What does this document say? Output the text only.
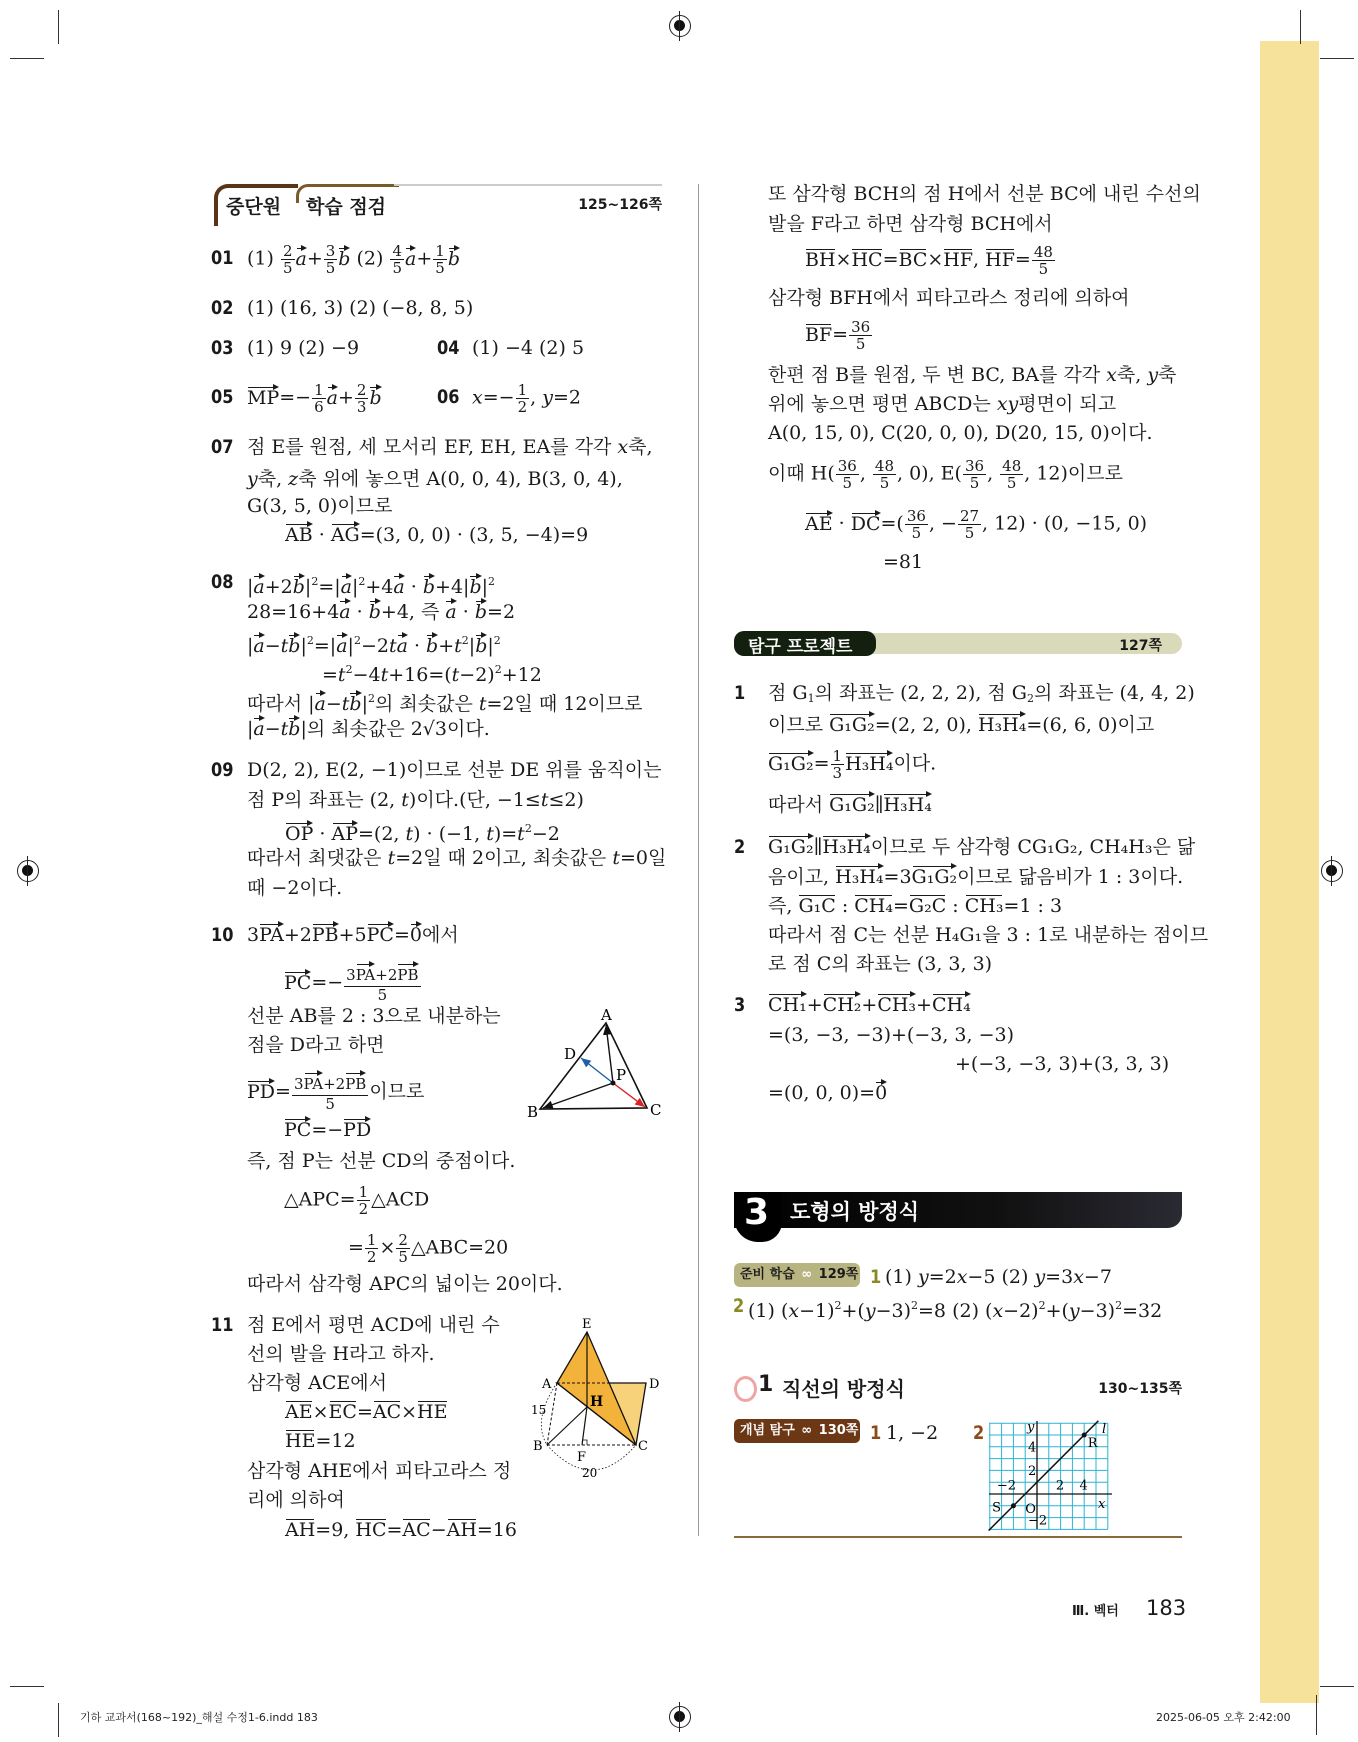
중단원 학습 점검	125~126쪽
01 $(1) \frac{2}{5} a+ \frac{3}{5}$ b $(2) \frac{4}{5} a+ \frac{1}{5}$ b
02 (1) (16, 3) (2) (−8, 8, 5)
03 (1) 9 (2) −9	04 (1) −4 (2) 5
05 $MP=- \frac{1}{6} a+ \frac{2}{3}$ b	06 $x=- \frac{1}{2}$ , y=2
07 점 E를 원점, 세 모서리 EF, EH, EA를 각각 x축,
y축, z축 위에 놓으면 A(0, 0, 4), B(3, 0, 4),
G(3, 5, 0)이므로
AB · AG=(3, 0, 0) · (3, 5, −4)=9
08 $|a+2b|^2=|a|^2+4a \cdot b+4|b|^2$
28=16+4a · b+4, 즉 a · b=2
$|a-tb|^2=|a|^2-2ta \cdot b+t^2|b|^2$
$=t^2-4t+16=(t-2)^2+12$
따라서 $|a-tb|^2$의 최솟값은 t=2일 때 12이므로
|a−tb|의 최솟값은 2√3이다.
09 D(2, 2), E(2, −1)이므로 선분 DE 위를 움직이는
점 P의 좌표는 (2, t)이다.(단, −1≤t≤2)
OP · AP=(2, t) · (−1, $t)=t^2-2$
따라서 최댓값은 t=2일 때 2이고, 최솟값은 t=0일
때 −2이다.
10 3PA+2PB+5PC=0에서
$PC=- \frac{3PA+2PB}{5}$
선분 AB를 2 : 3으로 내분하는
점을 D라고 하면
$PD= \frac{3PA+2PB}{5}$ 이므로
PC=−PD
즉, 점 P는 선분 CD의 중점이다.
△APC= $\frac{1}{2}$ △ACD
= $\frac{1}{2} \times \frac{2}{5}$ △ABC=20
따라서 삼각형 APC의 넓이는 20이다.
A
D
P
B	C
11 점 E에서 평면 ACD에 내린 수
선의 발을 H라고 하자.
삼각형 ACE에서
AE×EC=AC×HE
HE=12
삼각형 AHE에서 피타고라스 정
리에 의하여
AH=9, HC=AC−AH=16
E
A	D
H
B
F
C
15
20
또 삼각형 BCH의 점 H에서 선분 BC에 내린 수선의
발을 F라고 하면 삼각형 BCH에서
BH×HC=BC×HF, $HF= \frac{48}{5}$
삼각형 BFH에서 피타고라스 정리에 의하여
$BF= \frac{36}{5}$
한편 점 B를 원점, 두 변 BC, BA를 각각 x축, y축
위에 놓으면 평면 ABCD는 xy평면이 되고
A(0, 15, 0), C(20, 0, 0), D(20, 15, 0)이다.
이때 $H( \frac{36}{5}$ , $\frac{48}{5}$ , 0), $E( \frac{36}{5}$ , $\frac{48}{5}$ , 12)이므로
AE · $DC=( \frac{36}{5}$ , − $\frac{27}{5}$ , 12) · (0, −15, 0)
=81
탐구 프로젝트	127쪽
1 점 $G_1$의 좌표는 (2, 2, 2), 점 $G_2$의 좌표는 (4, 4, 2)
이므로 G₁G₂=(2, 2, 0), H₃H₄=(6, 6, 0)이고
$G_1G_2= \frac{1}{3} H_3H_4$이다.
따라서 G₁G₂∥H₃H₄
2 G₁G₂∥H₃H₄이므로 두 삼각형 CG₁G₂, CH₄H₃은 닮
음이고, H₃H₄=3G₁G₂이므로 닮음비가 1 : 3이다.
즉, G₁C : CH₄=G₂C : CH₃=1 : 3
따라서 점 C는 선분 H₄G₁을 3 : 1로 내분하는 점이므
로 점 C의 좌표는 (3, 3, 3)
3 CH₁+CH₂+CH₃+CH₄
=(3, −3, −3)+(−3, 3, −3)
+(−3, −3, 3)+(3, 3, 3)
=(0, 0, 0)=0
3 도형의 방정식
준비 학습 ∞ 129쪽 1 (1) y=2x−5 (2) y=3x−7
2 (1) $(x-1)^2+(y-3)^2=8$ (2) $(x-2)^2+(y-3)^2=32$
1 직선의 방정식	130~135쪽
개념 탐구 ∞ 130쪽 1 1, −2 2	y
x
l
R
S O
4
2
−2	2 4
−2
Ⅲ. 벡터 183
기하 교과서(168~192)_해설 수정1-6.indd 183	2025-06-05 오후 2:42:00
